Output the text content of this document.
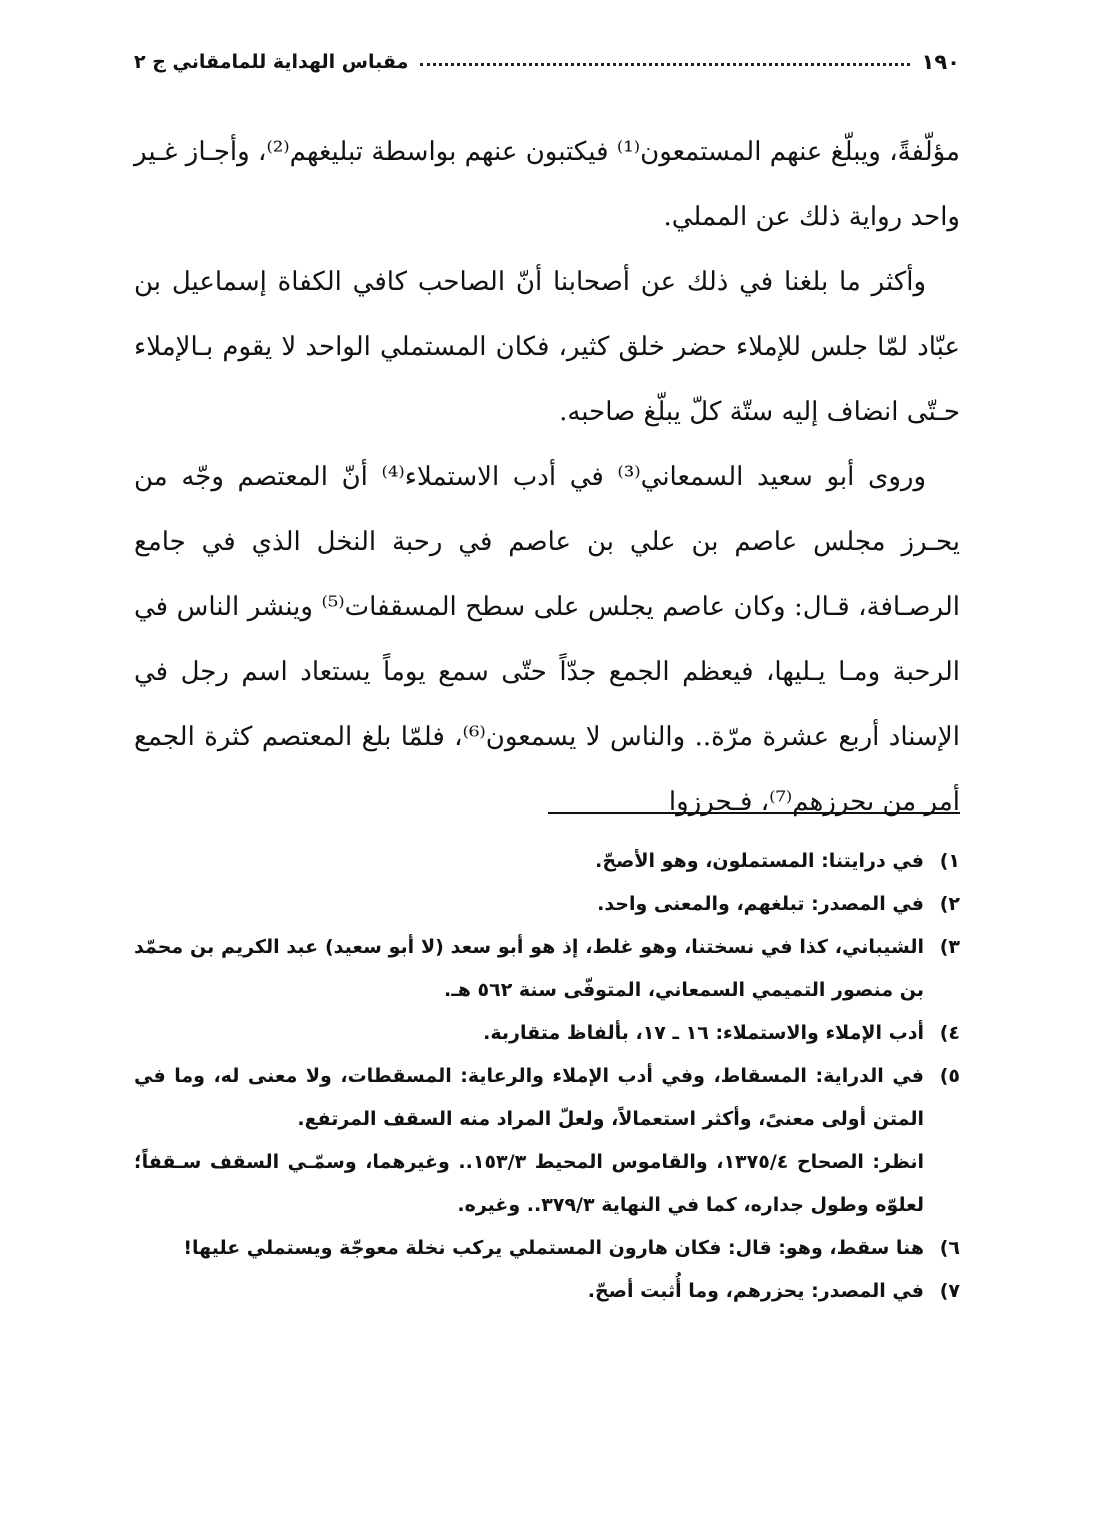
١٩٠
مقباس الهداية للمامقاني ج ٢

مؤلّفةً، ويبلّغ عنهم المستمعون⁽¹⁾ فيكتبون عنهم بواسطة تبليغهم⁽²⁾، وأجـاز غـير واحد رواية ذلك عن المملي.

وأكثر ما بلغنا في ذلك عن أصحابنا أنّ الصاحب كافي الكفاة إسماعيل بن عبّاد لمّا جلس للإملاء حضر خلق كثير، فكان المستملي الواحد لا يقوم بـالإملاء حـتّى انضاف إليه ستّة كلّ يبلّغ صاحبه.

وروى أبو سعيد السمعاني⁽³⁾ في أدب الاستملاء⁽⁴⁾ أنّ المعتصم وجّه من يحـرز مجلس عاصم بن علي بن عاصم في رحبة النخل الذي في جامع الرصـافة، قـال: وكان عاصم يجلس على سطح المسقفات⁽⁵⁾ وينشر الناس في الرحبة ومـا يـليها، فيعظم الجمع جدّاً حتّى سمع يوماً يستعاد اسم رجل في الإسناد أربع عشرة مرّة.. والناس لا يسمعون⁽⁶⁾، فلمّا بلغ المعتصم كثرة الجمع أمر من يحرزهم⁽⁷⁾، فـحرزوا

١)
في درايتنا: المستملون، وهو الأصحّ.
٢)
في المصدر: تبلغهم، والمعنى واحد.
٣)
الشيباني، كذا في نسختنا، وهو غلط، إذ هو أبو سعد (لا أبو سعيد) عبد الكريم بن محمّد بن منصور التميمي السمعاني، المتوفّى سنة ٥٦٢ هـ.
٤)
أدب الإملاء والاستملاء: ١٦ ـ ١٧، بألفاظ متقاربة.
٥)
في الدراية: المسقاط، وفي أدب الإملاء والرعاية: المسقطات، ولا معنى له، وما في المتن أولى معنىً، وأكثر استعمالاً، ولعلّ المراد منه السقف المرتفع.
انظر: الصحاح ١٣٧٥/٤، والقاموس المحيط ١٥٣/٣.. وغيرهما، وسمّـي السقف سـقفاً؛ لعلوّه وطول جداره، كما في النهاية ٣٧٩/٣.. وغيره.
٦)
هنا سقط، وهو: قال: فكان هارون المستملي يركب نخلة معوجّة ويستملي عليها!
٧)
في المصدر: يحزرهم، وما أُثبت أصحّ.
